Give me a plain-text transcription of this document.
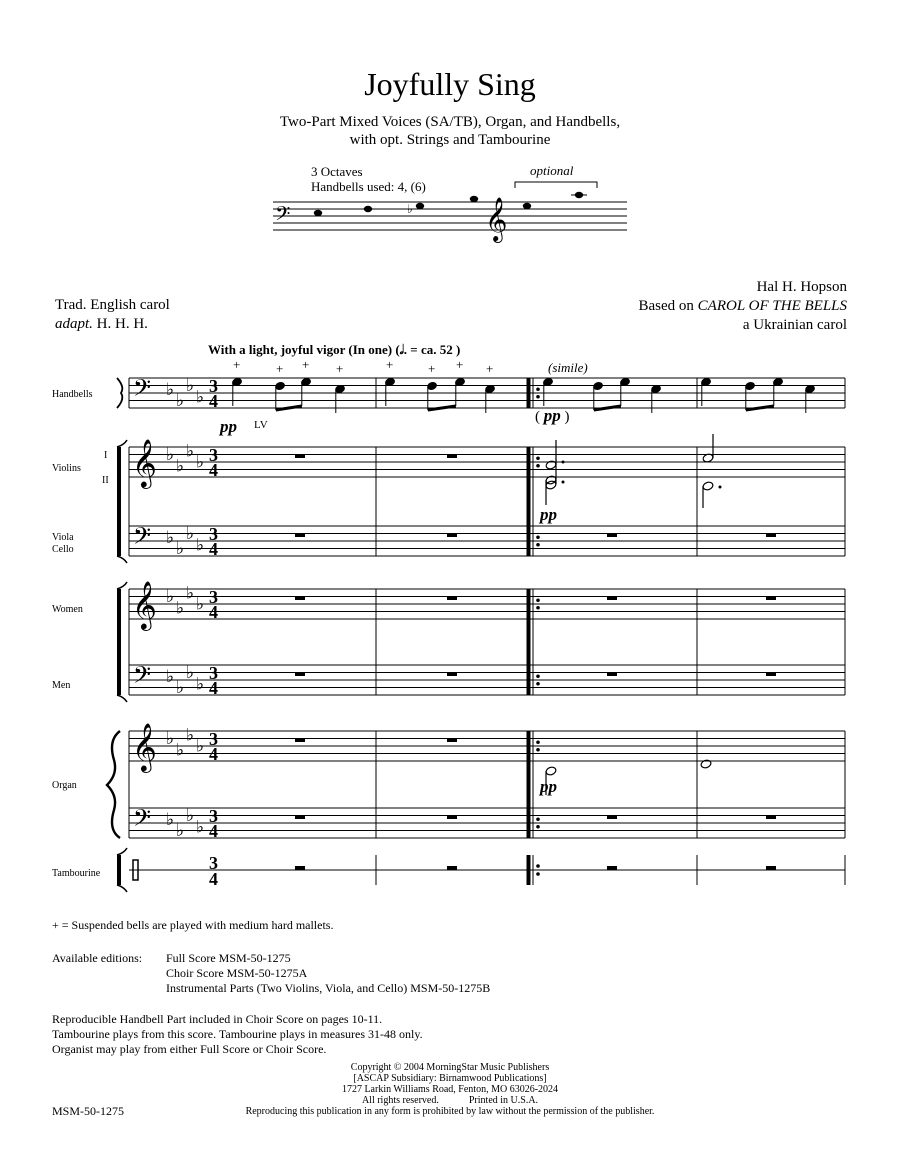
Joyfully Sing
Two-Part Mixed Voices (SA/TB), Organ, and Handbells,
with opt. Strings and Tambourine
3 Octaves
Handbells used: 4, (6)
optional
𝄢	𝄞
♭
Trad. English carol
adapt. H. H. H.
Hal H. Hopson
Based on CAROL OF THE BELLS
a Ukrainian carol
With a light, joyful vigor (In one) (𝅗𝅥. = ca. 52 )
(simile)
Handbells
Violins
I
II
Viola
Cello
Women
Men
Organ
Tambourine
pp LV	( pp )
pp
pp
𝄢 ♭
♭
♭
♭
3
4
𝄞 ♭
♭
♭
♭ 3
4
𝄢 ♭
♭
♭
♭
3
4
𝄞 ♭
♭
♭
♭ 3
4
𝄢 ♭
♭
♭
♭
3
4
𝄞 ♭
♭
♭
♭ 3
4
𝄢 ♭
♭
♭
♭
3
4
3
4
+	+ + +	+	+ + +
+ = Suspended bells are played with medium hard mallets.
Available editions: Full Score MSM-50-1275
Choir Score MSM-50-1275A
Instrumental Parts (Two Violins, Viola, and Cello) MSM-50-1275B
Reproducible Handbell Part included in Choir Score on pages 10-11.
Tambourine plays from this score. Tambourine plays in measures 31-48 only.
Organist may play from either Full Score or Choir Score.
Copyright © 2004 MorningStar Music Publishers
[ASCAP Subsidiary: Birnamwood Publications]
1727 Larkin Williams Road, Fenton, MO 63026-2024
All rights reserved.	Printed in U.S.A.
Reproducing this publication in any form is prohibited by law without the permission of the publisher.
MSM-50-1275
